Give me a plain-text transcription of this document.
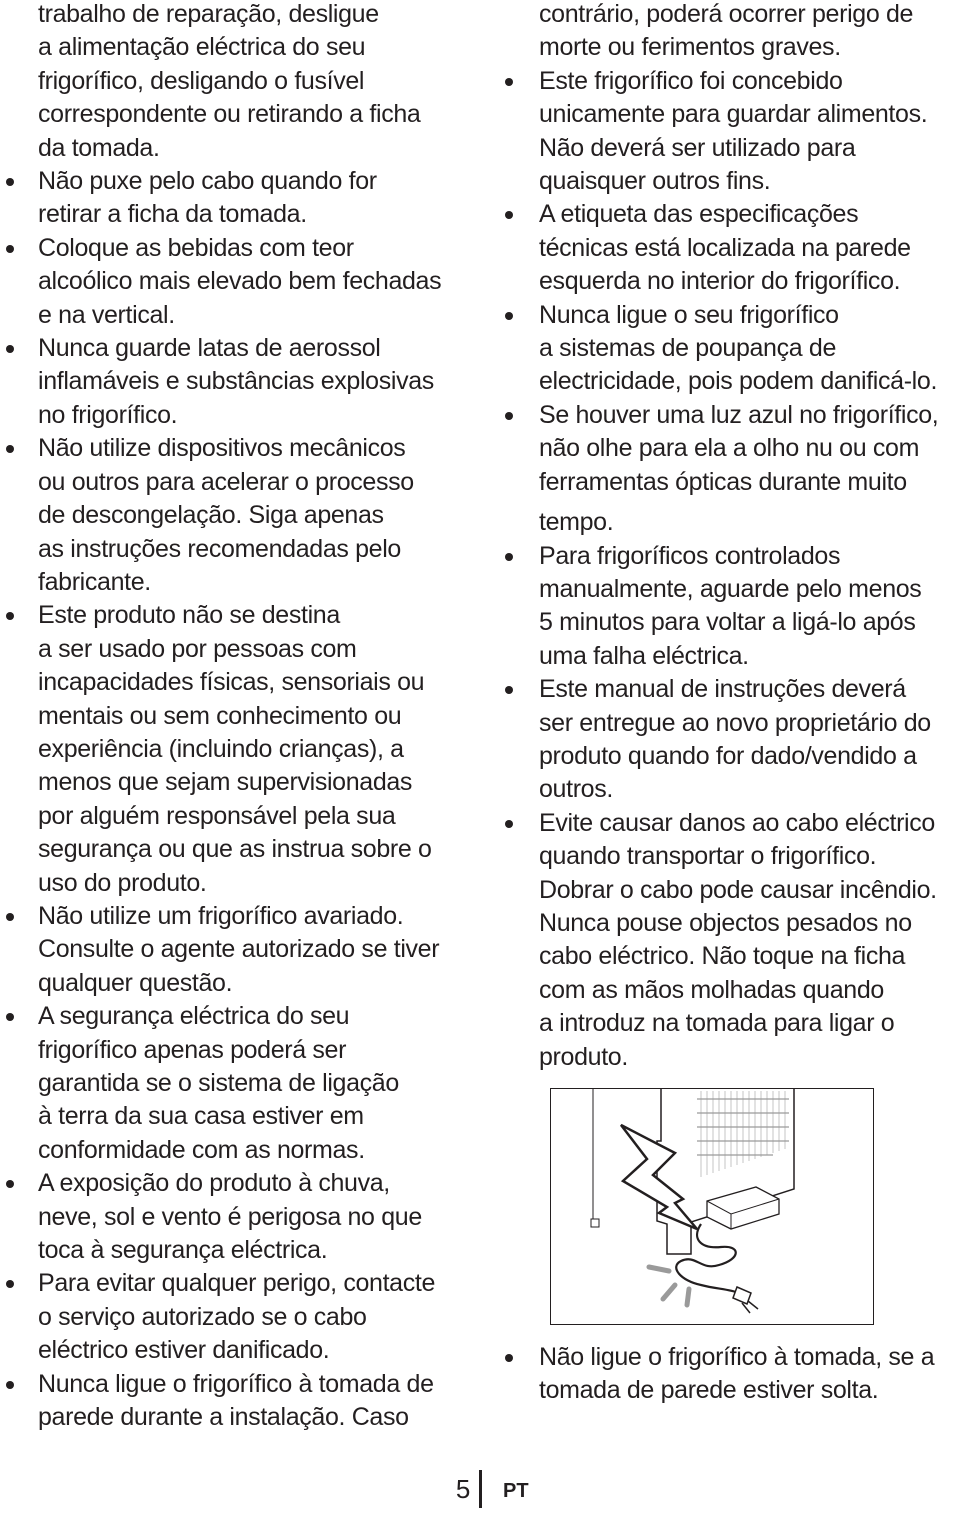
trabalho de reparação, desligue
a alimentação eléctrica do seu
frigorífico, desligando o fusível
correspondente ou retirando a ficha
da tomada.
Não puxe pelo cabo quando for
retirar a ficha da tomada.
Coloque as bebidas com teor
alcoólico mais elevado bem fechadas
e na vertical.
Nunca guarde latas de aerossol
inflamáveis e substâncias explosivas
no frigorífico.
Não utilize dispositivos mecânicos
ou outros para acelerar o processo
de descongelação. Siga apenas
as instruções recomendadas pelo
fabricante.
Este produto não se destina
a ser usado por pessoas com
incapacidades físicas, sensoriais ou
mentais ou sem conhecimento ou
experiência (incluindo crianças), a
menos que sejam supervisionadas
por alguém responsável pela sua
segurança ou que as instrua sobre o
uso do produto.
Não utilize um frigorífico avariado.
Consulte o agente autorizado se tiver
qualquer questão.
A segurança eléctrica do seu
frigorífico apenas poderá ser
garantida se o sistema de ligação
à terra da sua casa estiver em
conformidade com as normas.
A exposição do produto à chuva,
neve, sol e vento é perigosa no que
toca à segurança eléctrica.
Para evitar qualquer perigo, contacte
o serviço autorizado se o cabo
eléctrico estiver danificado.
Nunca ligue o frigorífico à tomada de
parede durante a instalação. Caso
contrário, poderá ocorrer perigo de
morte ou ferimentos graves.
Este frigorífico foi concebido
unicamente para guardar alimentos.
Não deverá ser utilizado para
quaisquer outros fins.
A etiqueta das especificações
técnicas está localizada na parede
esquerda no interior do frigorífico.
Nunca ligue o seu frigorífico
a sistemas de poupança de
electricidade, pois podem danificá-lo.
Se houver uma luz azul no frigorífico,
não olhe para ela a olho nu ou com
ferramentas ópticas durante muito
tempo.
Para frigoríficos controlados
manualmente, aguarde pelo menos
5 minutos para voltar a ligá-lo após
uma falha eléctrica.
Este manual de instruções deverá
ser entregue ao novo proprietário do
produto quando for dado/vendido a
outros.
Evite causar danos ao cabo eléctrico
quando transportar o frigorífico.
Dobrar o cabo pode causar incêndio.
Nunca pouse objectos pesados no
cabo eléctrico. Não toque na ficha
com as mãos molhadas quando
a introduz na tomada para ligar o
produto.
Não ligue o frigorífico à tomada, se a
tomada de parede estiver solta.
5 PT
